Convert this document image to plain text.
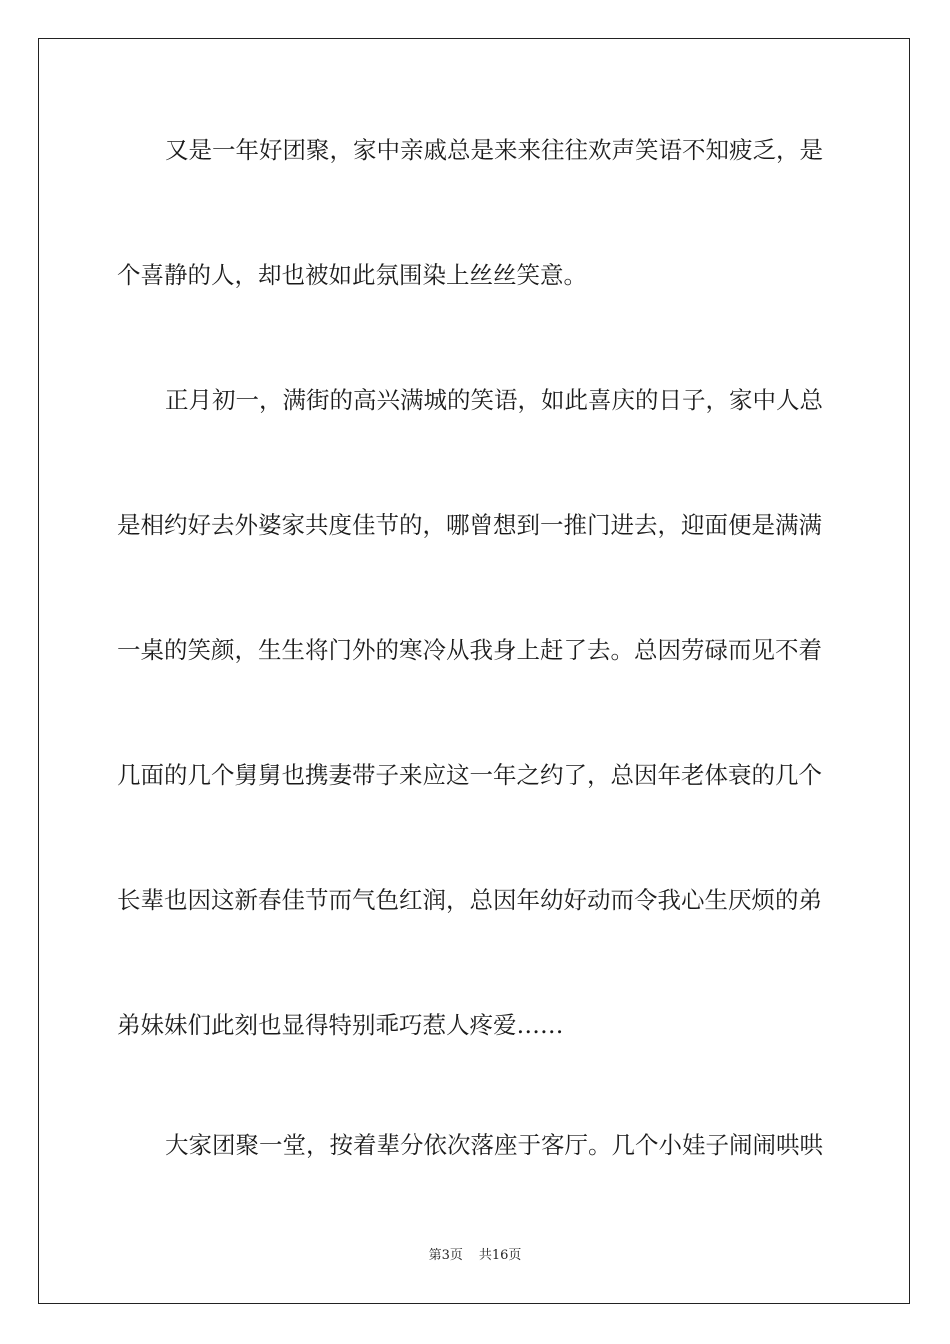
又是一年好团聚，家中亲戚总是来来往往欢声笑语不知疲乏，是
个喜静的人，却也被如此氛围染上丝丝笑意。
正月初一，满街的高兴满城的笑语，如此喜庆的日子，家中人总
是相约好去外婆家共度佳节的，哪曾想到一推门进去，迎面便是满满
一桌的笑颜，生生将门外的寒冷从我身上赶了去。总因劳碌而见不着
几面的几个舅舅也携妻带子来应这一年之约了，总因年老体衰的几个
长辈也因这新春佳节而气色红润，总因年幼好动而令我心生厌烦的弟
弟妹妹们此刻也显得特别乖巧惹人疼爱……
大家团聚一堂，按着辈分依次落座于客厅。几个小娃子闹闹哄哄
第3页 共16页
